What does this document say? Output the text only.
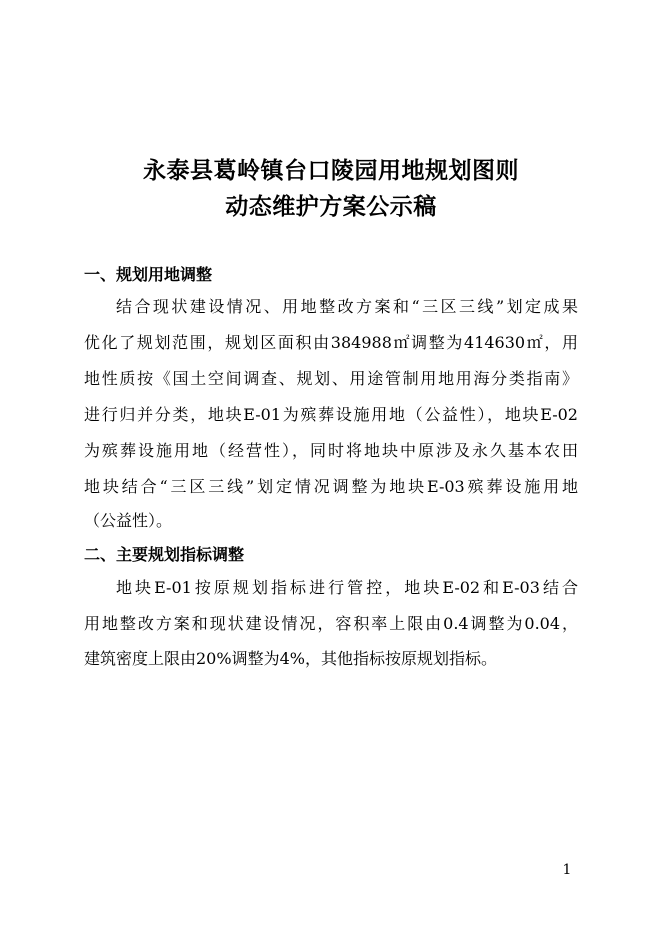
永泰县葛岭镇台口陵园用地规划图则
动态维护方案公示稿
一、规划用地调整
结合现状建设情况、用地整改方案和“三区三线”划定成果
优化了规划范围，规划区面积由384988㎡调整为414630㎡，用
地性质按《国土空间调查、规划、用途管制用地用海分类指南》
进行归并分类，地块E-01为殡葬设施用地（公益性），地块E-02
为殡葬设施用地（经营性），同时将地块中原涉及永久基本农田
地块结合“三区三线”划定情况调整为地块E-03殡葬设施用地
（公益性）。
二、主要规划指标调整
地块E-01按原规划指标进行管控，地块E-02和E-03结合
用地整改方案和现状建设情况，容积率上限由0.4调整为0.04，
建筑密度上限由20%调整为4%，其他指标按原规划指标。
1
